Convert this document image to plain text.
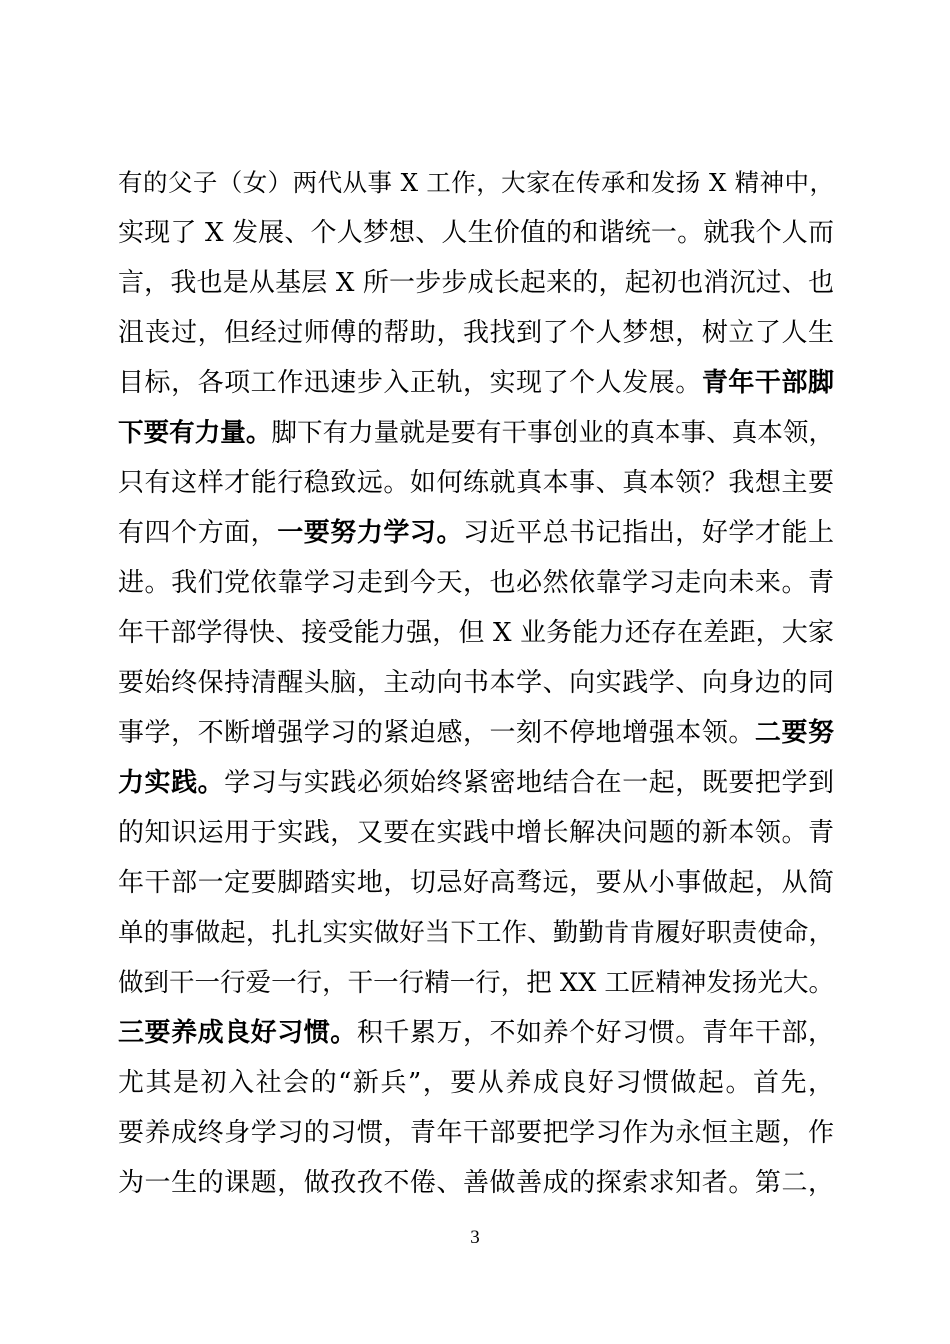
有的父子（女）两代从事 X 工作，大家在传承和发扬 X 精神中，
实现了 X 发展、个人梦想、人生价值的和谐统一。就我个人而
言，我也是从基层 X 所一步步成长起来的，起初也消沉过、也
沮丧过，但经过师傅的帮助，我找到了个人梦想，树立了人生
目标，各项工作迅速步入正轨，实现了个人发展。青年干部脚
下要有力量。脚下有力量就是要有干事创业的真本事、真本领，
只有这样才能行稳致远。如何练就真本事、真本领？我想主要
有四个方面，一要努力学习。习近平总书记指出，好学才能上
进。我们党依靠学习走到今天，也必然依靠学习走向未来。青
年干部学得快、接受能力强，但 X 业务能力还存在差距，大家
要始终保持清醒头脑，主动向书本学、向实践学、向身边的同
事学，不断增强学习的紧迫感，一刻不停地增强本领。二要努
力实践。学习与实践必须始终紧密地结合在一起，既要把学到
的知识运用于实践，又要在实践中增长解决问题的新本领。青
年干部一定要脚踏实地，切忌好高骛远，要从小事做起，从简
单的事做起，扎扎实实做好当下工作、勤勤肯肯履好职责使命，
做到干一行爱一行，干一行精一行，把 XX 工匠精神发扬光大。
三要养成良好习惯。积千累万，不如养个好习惯。青年干部，
尤其是初入社会的“新兵”，要从养成良好习惯做起。首先，
要养成终身学习的习惯，青年干部要把学习作为永恒主题，作
为一生的课题，做孜孜不倦、善做善成的探索求知者。第二，
3
